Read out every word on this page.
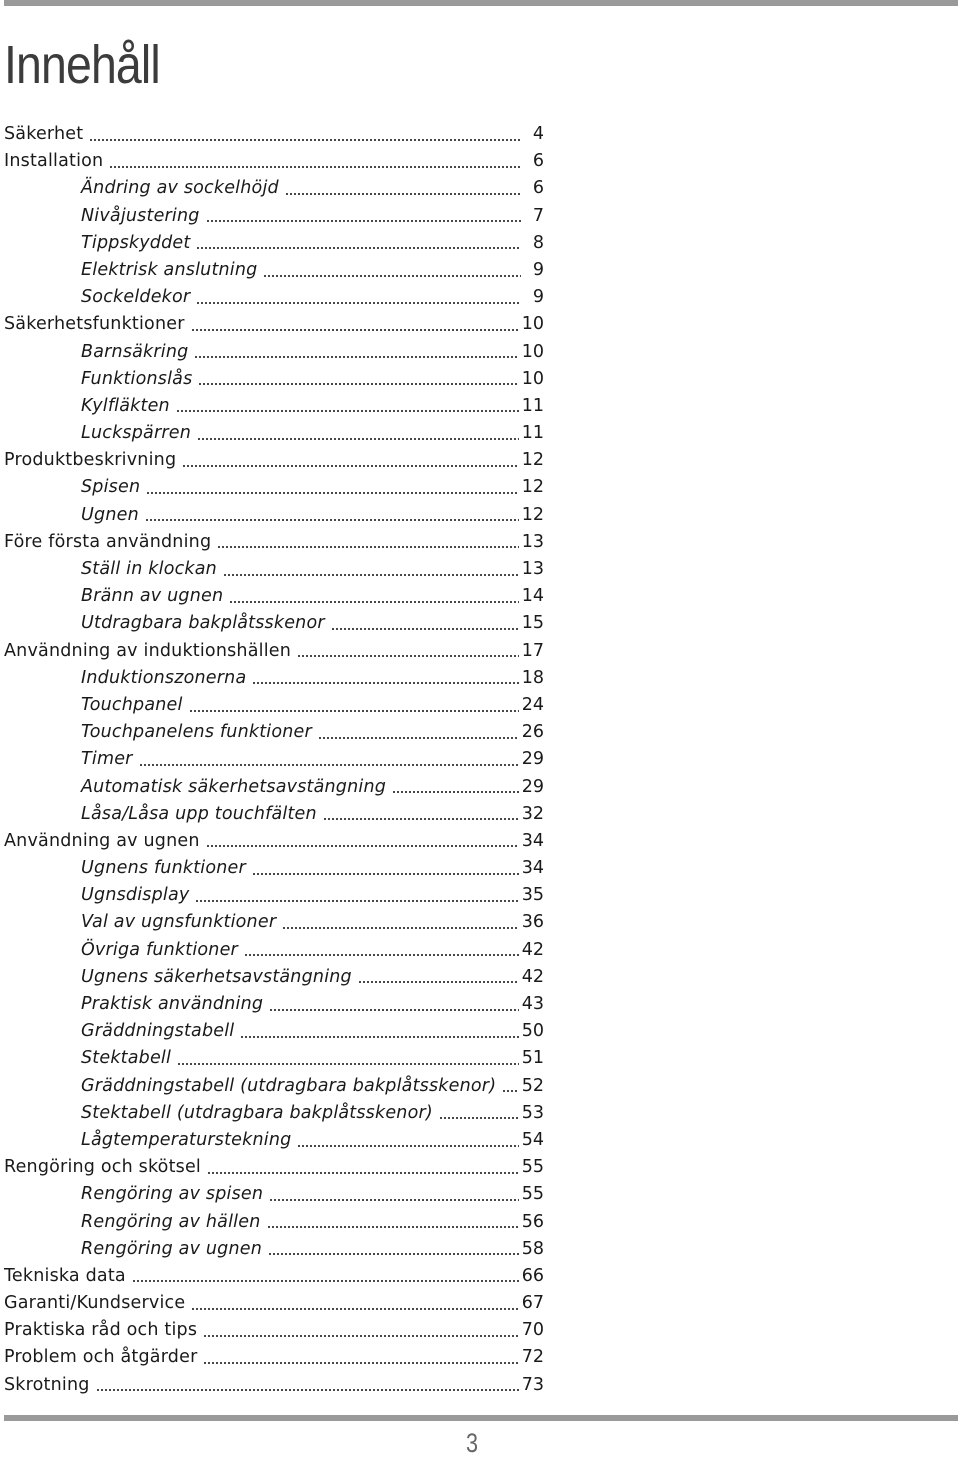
Innehåll
Säkerhet	4
Installation	6
Ändring av sockelhöjd	6
Nivåjustering	7
Tippskyddet	8
Elektrisk anslutning	9
Sockeldekor	9
Säkerhetsfunktioner	10
Barnsäkring	10
Funktionslås	10
Kylfläkten	11
Luckspärren	11
Produktbeskrivning	12
Spisen	12
Ugnen	12
Före första användning	13
Ställ in klockan	13
Bränn av ugnen	14
Utdragbara bakplåtsskenor	15
Användning av induktionshällen	17
Induktionszonerna	18
Touchpanel	24
Touchpanelens funktioner	26
Timer	29
Automatisk säkerhetsavstängning	29
Låsa/Låsa upp touchfälten	32
Användning av ugnen	34
Ugnens funktioner	34
Ugnsdisplay	35
Val av ugnsfunktioner	36
Övriga funktioner	42
Ugnens säkerhetsavstängning	42
Praktisk användning	43
Gräddningstabell	50
Stektabell	51
Gräddningstabell (utdragbara bakplåtsskenor) 52
Stektabell (utdragbara bakplåtsskenor)	53
Lågtemperaturstekning	54
Rengöring och skötsel	55
Rengöring av spisen	55
Rengöring av hällen	56
Rengöring av ugnen	58
Tekniska data	66
Garanti/Kundservice	67
Praktiska råd och tips	70
Problem och åtgärder	72
Skrotning	73
3
